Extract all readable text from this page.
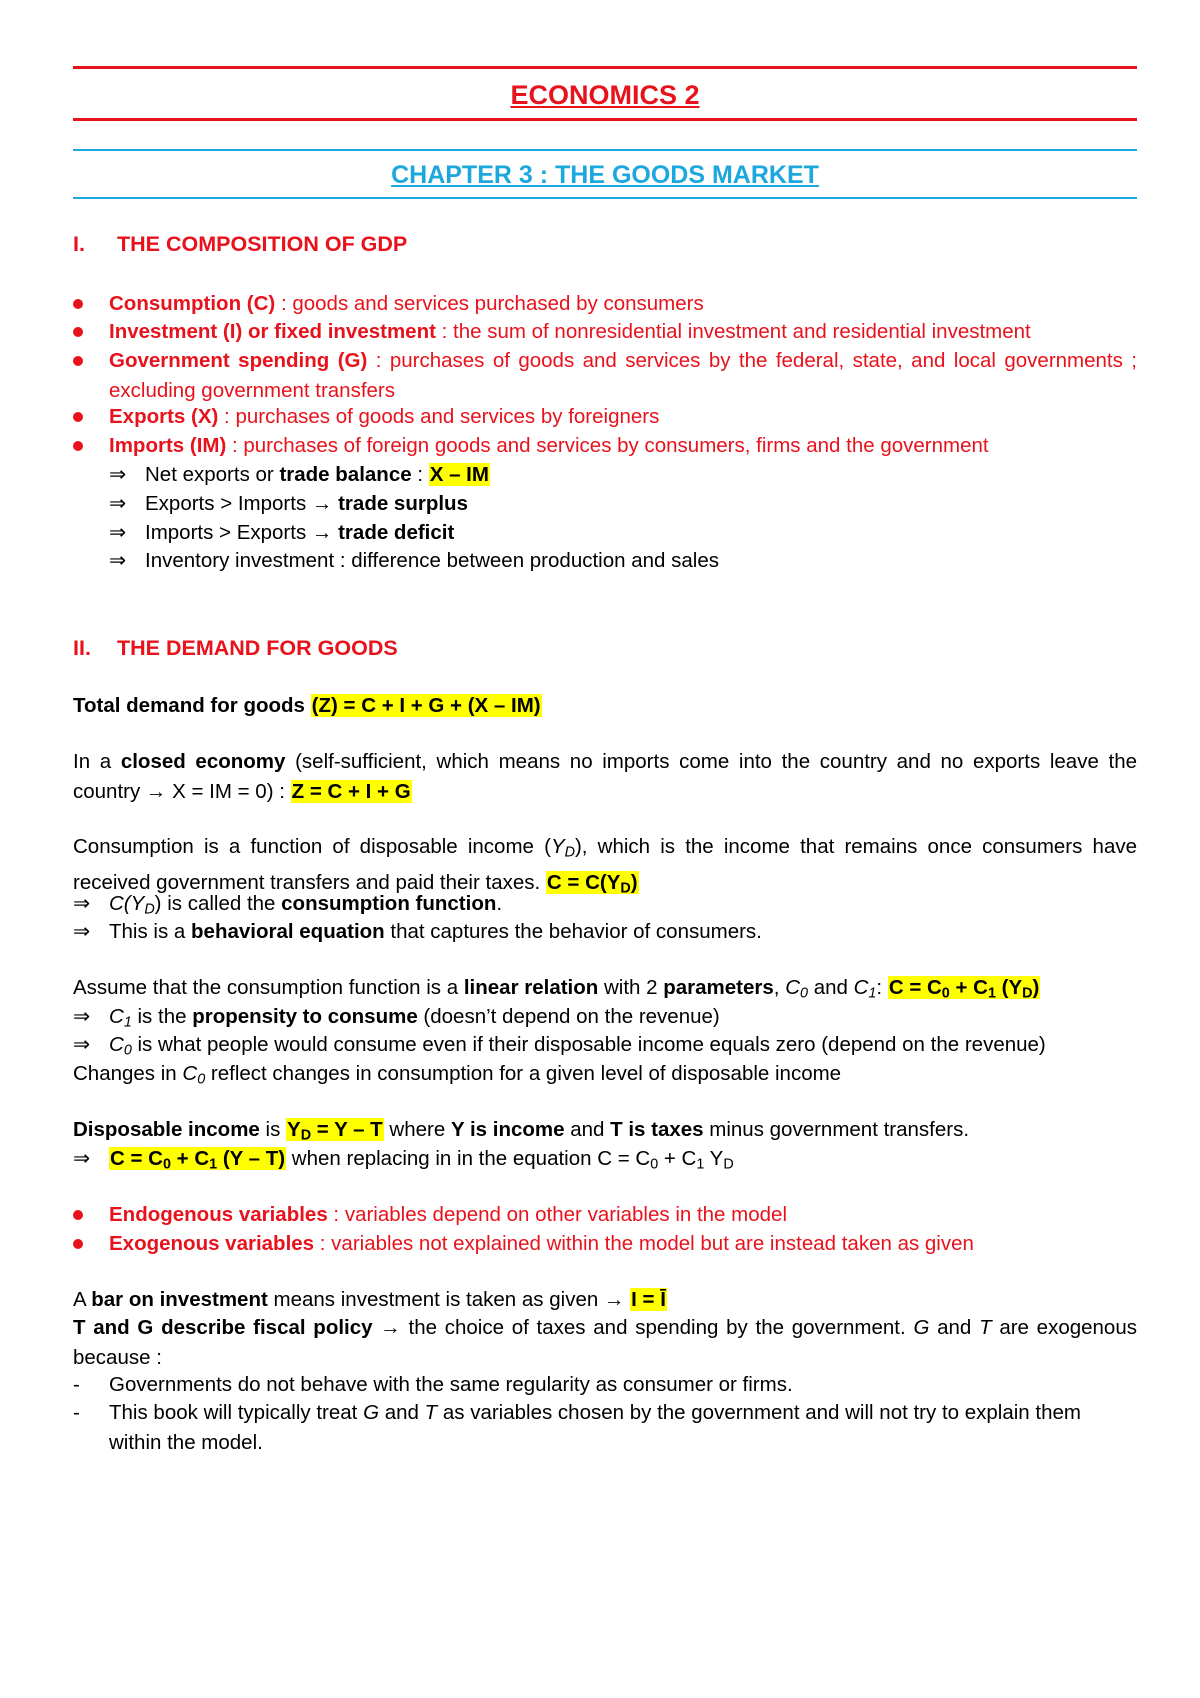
ECONOMICS 2
CHAPTER 3 : THE GOODS MARKET
I. THE COMPOSITION OF GDP
Consumption (C) : goods and services purchased by consumers
Investment (I) or fixed investment : the sum of nonresidential investment and residential investment
Government spending (G) : purchases of goods and services by the federal, state, and local governments ; excluding government transfers
Exports (X) : purchases of goods and services by foreigners
Imports (IM) : purchases of foreign goods and services by consumers, firms and the government
⇒ Net exports or trade balance : X – IM
⇒ Exports > Imports → trade surplus
⇒ Imports > Exports → trade deficit
⇒ Inventory investment : difference between production and sales
II. THE DEMAND FOR GOODS
Total demand for goods (Z) = C + I + G + (X – IM)
In a closed economy (self-sufficient, which means no imports come into the country and no exports leave the country → X = IM = 0) : Z = C + I + G
Consumption is a function of disposable income $(Y_D)$, which is the income that remains once consumers have received government transfers and paid their taxes. $C = C(Y_D)$
⇒ $C(Y_D)$ is called the consumption function.
⇒ This is a behavioral equation that captures the behavior of consumers.
Assume that the consumption function is a linear relation with 2 parameters, $C_0$ and $C_1$: $C = C_0 + C_1$ $(Y_D)$
⇒ $C_1$ is the propensity to consume (doesn’t depend on the revenue)
⇒ $C_0$ is what people would consume even if their disposable income equals zero (depend on the revenue)
Changes in $C_0$ reflect changes in consumption for a given level of disposable income
Disposable income is $Y_D = Y - T$ where Y is income and T is taxes minus government transfers.
⇒ $C = C_0 + C_1$ (Y – T) when replacing in in the equation $C = C_0 + C_1$ $Y_D$
Endogenous variables : variables depend on other variables in the model
Exogenous variables : variables not explained within the model but are instead taken as given
A bar on investment means investment is taken as given → I = Ī
T and G describe fiscal policy → the choice of taxes and spending by the government. G and T are exogenous because :
-	Governments do not behave with the same regularity as consumer or firms.
-	This book will typically treat G and T as variables chosen by the government and will not try to explain them within the model.
